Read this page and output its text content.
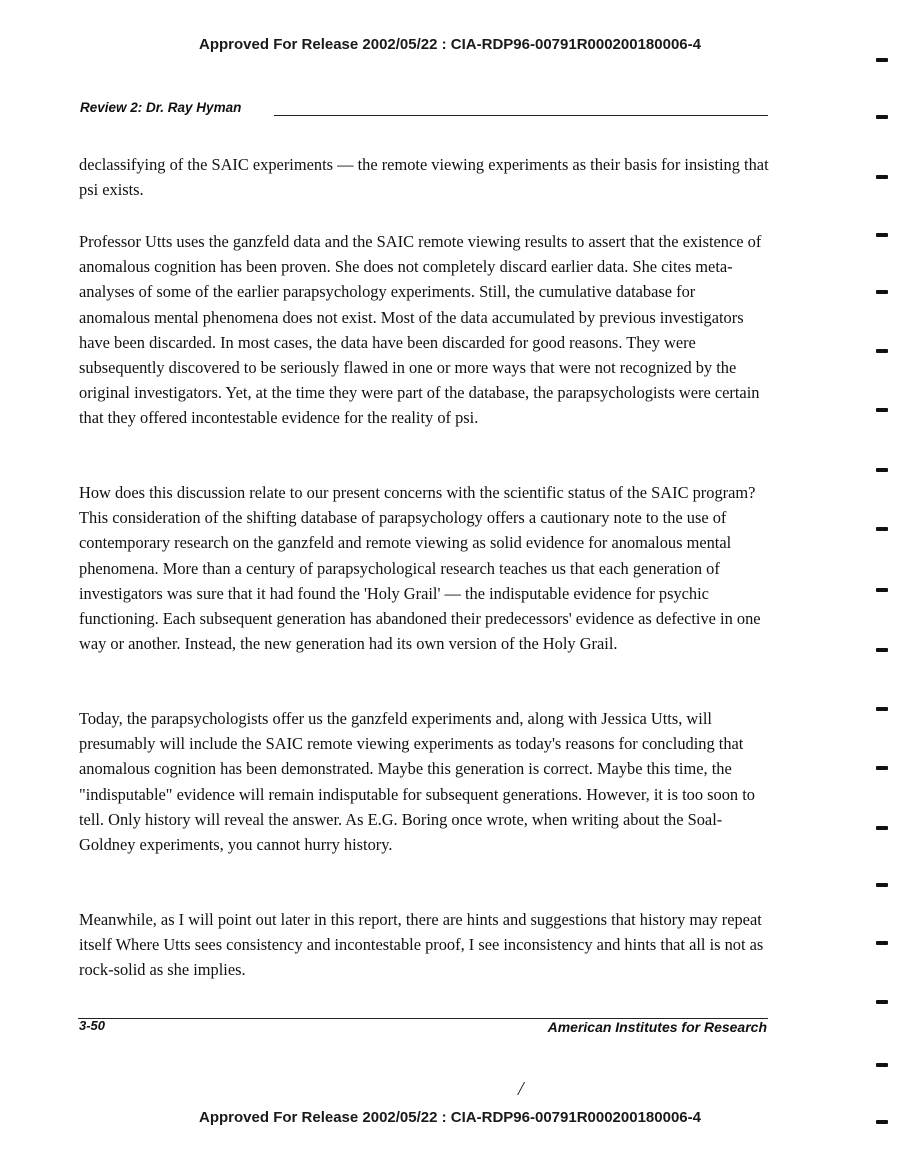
Approved For Release 2002/05/22 : CIA-RDP96-00791R000200180006-4
Review 2: Dr. Ray Hyman

declassifying of the SAIC experiments — the remote viewing experiments as their basis for insisting that psi exists.

Professor Utts uses the ganzfeld data and the SAIC remote viewing results to assert that the existence of anomalous cognition has been proven. She does not completely discard earlier data. She cites meta-analyses of some of the earlier parapsychology experiments. Still, the cumulative database for anomalous mental phenomena does not exist. Most of the data accumulated by previous investigators have been discarded. In most cases, the data have been discarded for good reasons. They were subsequently discovered to be seriously flawed in one or more ways that were not recognized by the original investigators. Yet, at the time they were part of the database, the parapsychologists were certain that they offered incontestable evidence for the reality of psi.

How does this discussion relate to our present concerns with the scientific status of the SAIC program? This consideration of the shifting database of parapsychology offers a cautionary note to the use of contemporary research on the ganzfeld and remote viewing as solid evidence for anomalous mental phenomena. More than a century of parapsychological research teaches us that each generation of investigators was sure that it had found the 'Holy Grail' — the indisputable evidence for psychic functioning. Each subsequent generation has abandoned their predecessors' evidence as defective in one way or another. Instead, the new generation had its own version of the Holy Grail.

Today, the parapsychologists offer us the ganzfeld experiments and, along with Jessica Utts, will presumably will include the SAIC remote viewing experiments as today's reasons for concluding that anomalous cognition has been demonstrated. Maybe this generation is correct. Maybe this time, the "indisputable" evidence will remain indisputable for subsequent generations. However, it is too soon to tell. Only history will reveal the answer. As E.G. Boring once wrote, when writing about the Soal-Goldney experiments, you cannot hurry history.

Meanwhile, as I will point out later in this report, there are hints and suggestions that history may repeat itself Where Utts sees consistency and incontestable proof, I see inconsistency and hints that all is not as rock-solid as she implies.

3-50	American Institutes for Research
/
Approved For Release 2002/05/22 : CIA-RDP96-00791R000200180006-4
